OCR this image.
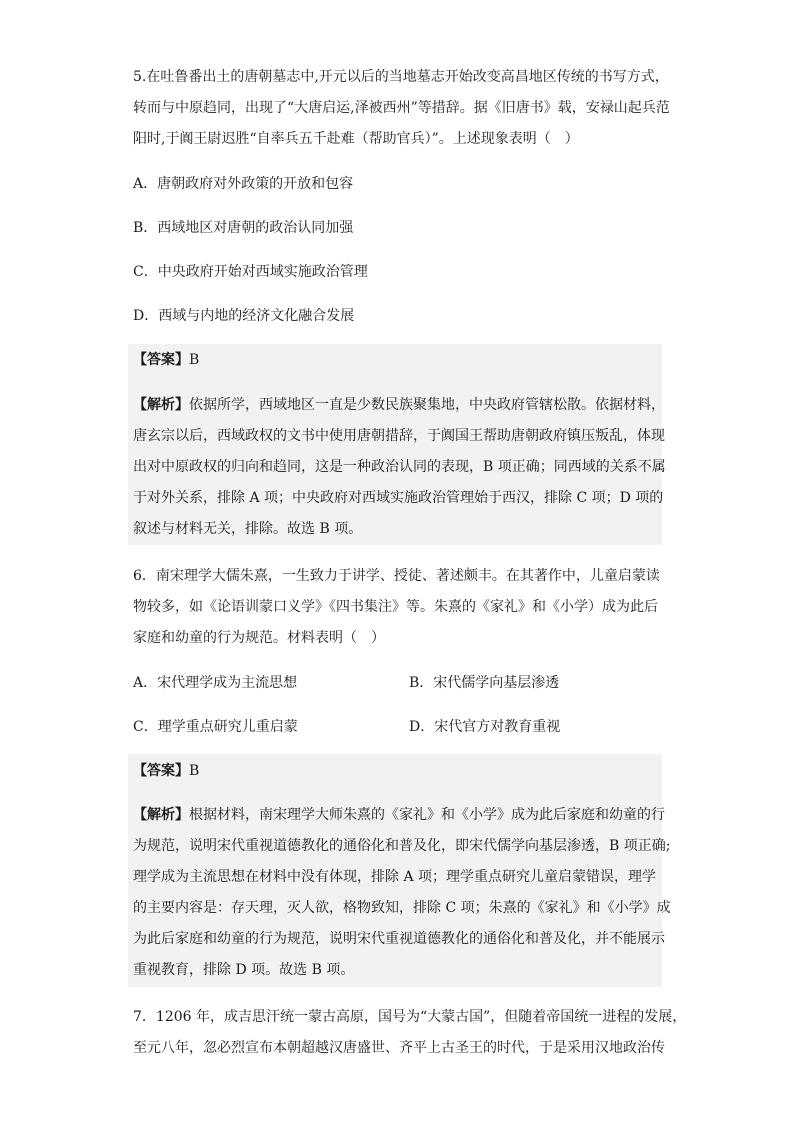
5.在吐鲁番出土的唐朝墓志中,开元以后的当地墓志开始改变高昌地区传统的书写方式，
转而与中原趋同，出现了“大唐启运,泽被西州”等措辞。据《旧唐书》载，安禄山起兵范
阳时,于阗王尉迟胜“自率兵五千赴难（帮助官兵）”。上述现象表明（　）
A．唐朝政府对外政策的开放和包容
B．西域地区对唐朝的政治认同加强
C．中央政府开始对西域实施政治管理
D．西域与内地的经济文化融合发展
【答案】B
【解析】依据所学，西域地区一直是少数民族聚集地，中央政府管辖松散。依据材料，
唐玄宗以后，西域政权的文书中使用唐朝措辞，于阗国王帮助唐朝政府镇压叛乱，体现
出对中原政权的归向和趋同，这是一种政治认同的表现，B 项正确；同西域的关系不属
于对外关系，排除 A 项；中央政府对西域实施政治管理始于西汉，排除 C 项；D 项的
叙述与材料无关，排除。故选 B 项。
6．南宋理学大儒朱熹，一生致力于讲学、授徒、著述颇丰。在其著作中，儿童启蒙读
物较多，如《论语训蒙口义学》《四书集注》等。朱熹的《家礼》和《小学）成为此后
家庭和幼童的行为规范。材料表明（　）
A．宋代理学成为主流思想	B．宋代儒学向基层渗透
C．理学重点研究儿重启蒙	D．宋代官方对教育重视
【答案】B
【解析】根据材料，南宋理学大师朱熹的《家礼》和《小学》成为此后家庭和幼童的行
为规范，说明宋代重视道德教化的通俗化和普及化，即宋代儒学向基层渗透，B 项正确;
理学成为主流思想在材料中没有体现，排除 A 项；理学重点研究儿童启蒙错误，理学
的主要内容是：存天理，灭人欲，格物致知，排除 C 项；朱熹的《家礼》和《小学》成
为此后家庭和幼童的行为规范，说明宋代重视道德教化的通俗化和普及化，并不能展示
重视教育，排除 D 项。故选 B 项。
7．1206 年，成吉思汗统一蒙古高原，国号为“大蒙古国”，但随着帝国统一进程的发展，
至元八年，忽必烈宣布本朝超越汉唐盛世、齐平上古圣王的时代，于是采用汉地政治传
